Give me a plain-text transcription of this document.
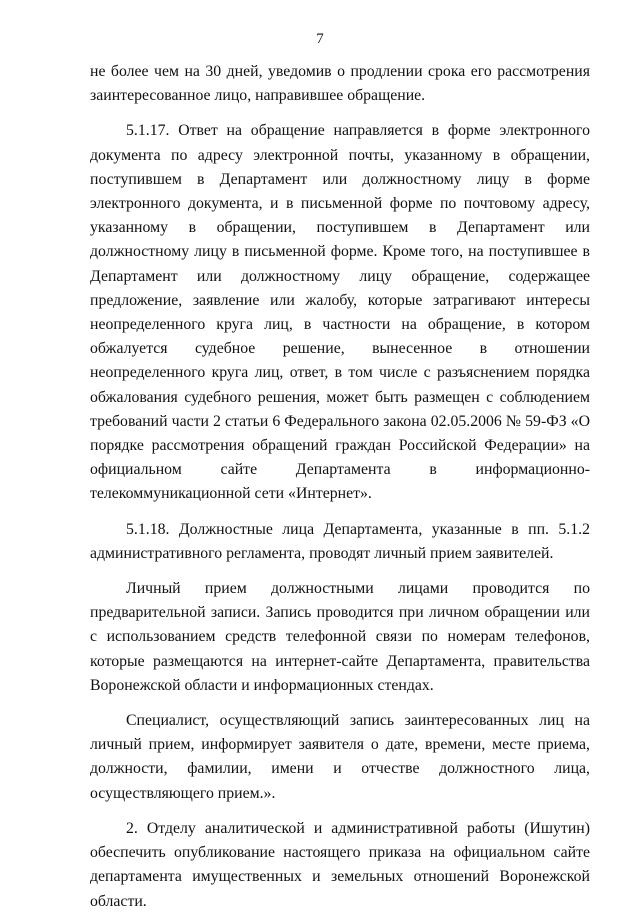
7

не более чем на 30 дней, уведомив о продлении срока его рассмотрения заинтересованное лицо, направившее обращение.

5.1.17. Ответ на обращение направляется в форме электронного документа по адресу электронной почты, указанному в обращении, поступившем в Департамент или должностному лицу в форме электронного документа, и в письменной форме по почтовому адресу, указанному в обращении, поступившем в Департамент или должностному лицу в письменной форме. Кроме того, на поступившее в Департамент или должностному лицу обращение, содержащее предложение, заявление или жалобу, которые затрагивают интересы неопределенного круга лиц, в частности на обращение, в котором обжалуется судебное решение, вынесенное в отношении неопределенного круга лиц, ответ, в том числе с разъяснением порядка обжалования судебного решения, может быть размещен с соблюдением требований части 2 статьи 6 Федерального закона 02.05.2006 № 59-ФЗ «О порядке рассмотрения обращений граждан Российской Федерации» на официальном сайте Департамента в информационно-телекоммуникационной сети «Интернет».

5.1.18. Должностные лица Департамента, указанные в пп. 5.1.2 административного регламента, проводят личный прием заявителей.

Личный прием должностными лицами проводится по предварительной записи. Запись проводится при личном обращении или с использованием средств телефонной связи по номерам телефонов, которые размещаются на интернет-сайте Департамента, правительства Воронежской области и информационных стендах.

Специалист, осуществляющий запись заинтересованных лиц на личный прием, информирует заявителя о дате, времени, месте приема, должности, фамилии, имени и отчестве должностного лица, осуществляющего прием.».

2. Отделу аналитической и административной работы (Ишутин) обеспечить опубликование настоящего приказа на официальном сайте департамента имущественных и земельных отношений Воронежской области.
